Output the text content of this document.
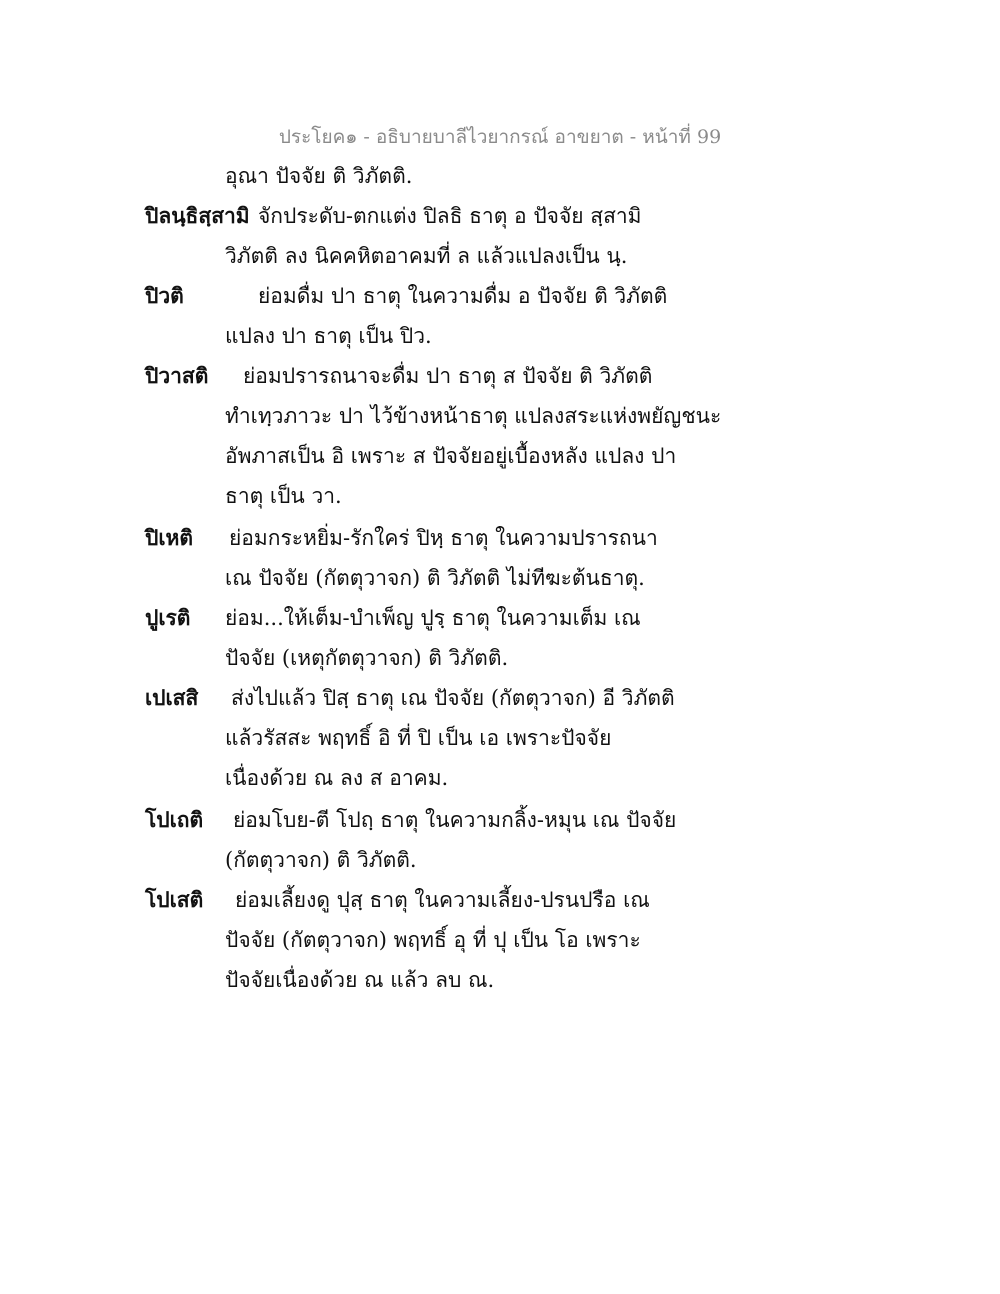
ประโยค๑ - อธิบายบาลีไวยากรณ์ อาขยาต - หน้าที่ 99
อุณา ปัจจัย ติ วิภัตติ.
ปิลนฺธิสฺสามิ จักประดับ-ตกแต่ง ปิลธิ ธาตุ อ ปัจจัย สฺสามิ
วิภัตติ ลง นิคคหิตอาคมที่ ล แล้วแปลงเป็น นฺ.
ปิวติ	ย่อมดื่ม ปา ธาตุ ในความดื่ม อ ปัจจัย ติ วิภัตติ
แปลง ปา ธาตุ เป็น ปิว.
ปิวาสติ ย่อมปรารถนาจะดื่ม ปา ธาตุ ส ปัจจัย ติ วิภัตติ
ทำเทฺวภาวะ ปา ไว้ข้างหน้าธาตุ แปลงสระแห่งพยัญชนะ
อัพภาสเป็น อิ เพราะ ส ปัจจัยอยู่เบื้องหลัง แปลง ปา
ธาตุ เป็น วา.
ปิเหติ ย่อมกระหยิ่ม-รักใคร่ ปิหฺ ธาตุ ในความปรารถนา
เณ ปัจจัย (กัตตุวาจก) ติ วิภัตติ ไม่ทีฆะต้นธาตุ.
ปูเรติ ย่อม...ให้เต็ม-บำเพ็ญ ปูรฺ ธาตุ ในความเต็ม เณ
ปัจจัย (เหตุกัตตุวาจก) ติ วิภัตติ.
เปเสสิ ส่งไปแล้ว ปิสฺ ธาตุ เณ ปัจจัย (กัตตุวาจก) อี วิภัตติ
แล้วรัสสะ พฤทธิ์ อิ ที่ ปิ เป็น เอ เพราะปัจจัย
เนื่องด้วย ณ ลง ส อาคม.
โปเถติ ย่อมโบย-ตี โปถฺ ธาตุ ในความกลิ้ง-หมุน เณ ปัจจัย
(กัตตุวาจก) ติ วิภัตติ.
โปเสติ ย่อมเลี้ยงดู ปุสฺ ธาตุ ในความเลี้ยง-ปรนปรือ เณ
ปัจจัย (กัตตุวาจก) พฤทธิ์ อุ ที่ ปุ เป็น โอ เพราะ
ปัจจัยเนื่องด้วย ณ แล้ว ลบ ณ.
